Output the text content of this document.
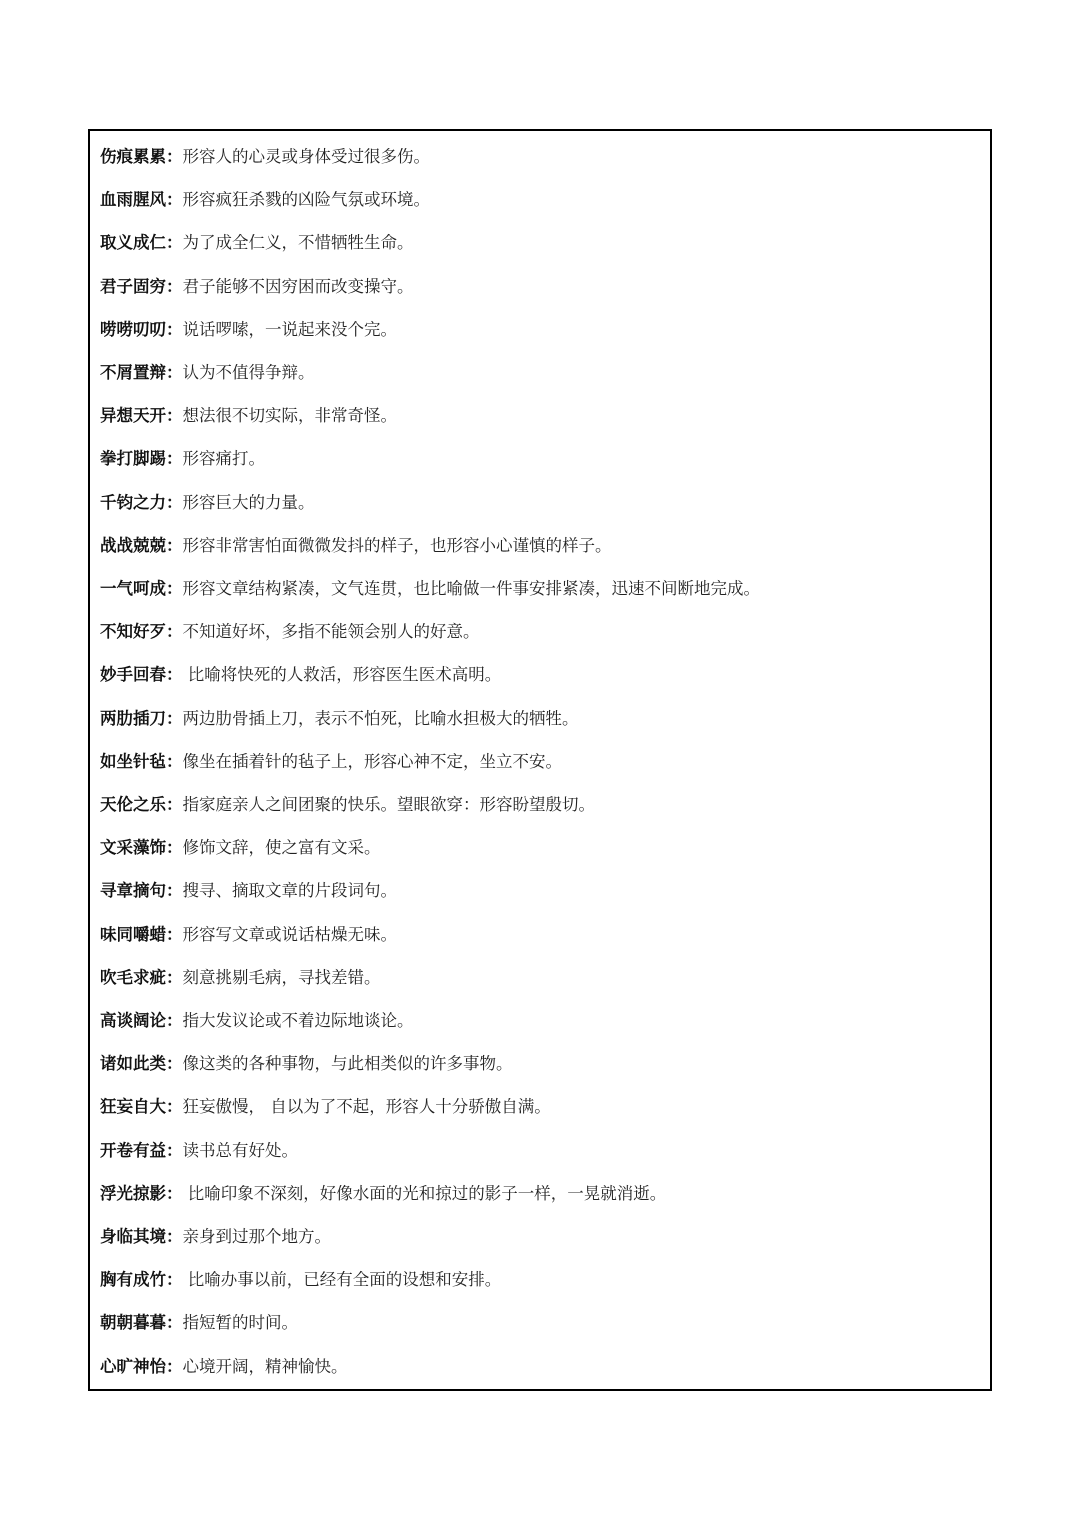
伤痕累累：形容人的心灵或身体受过很多伤。
血雨腥风：形容疯狂杀戮的凶险气氛或环境。
取义成仁：为了成全仁义，不惜牺牲生命。
君子固穷：君子能够不因穷困而改变操守。
唠唠叨叨：说话啰嗦，一说起来没个完。
不屑置辩：认为不值得争辩。
异想天开：想法很不切实际，非常奇怪。
拳打脚踢：形容痛打。
千钧之力：形容巨大的力量。
战战兢兢：形容非常害怕面微微发抖的样子，也形容小心谨慎的样子。
一气呵成：形容文章结构紧凑，文气连贯，也比喻做一件事安排紧凑，迅速不间断地完成。
不知好歹：不知道好坏，多指不能领会别人的好意。
妙手回春： 比喻将快死的人救活，形容医生医术高明。
两肋插刀：两边肋骨插上刀，表示不怕死，比喻水担极大的牺牲。
如坐针毡：像坐在插着针的毡子上，形容心神不定，坐立不安。
天伦之乐：指家庭亲人之间团聚的快乐。望眼欲穿：形容盼望殷切。
文采藻饰：修饰文辞，使之富有文采。
寻章摘句：搜寻、摘取文章的片段词句。
味同嚼蜡：形容写文章或说话枯燥无味。
吹毛求疵：刻意挑剔毛病，寻找差错。
高谈阔论：指大发议论或不着边际地谈论。
诸如此类：像这类的各种事物，与此相类似的许多事物。
狂妄自大：狂妄傲慢， 自以为了不起，形容人十分骄傲自满。
开卷有益：读书总有好处。
浮光掠影： 比喻印象不深刻，好像水面的光和掠过的影子一样，一晃就消逝。
身临其境：亲身到过那个地方。
胸有成竹： 比喻办事以前，已经有全面的设想和安排。
朝朝暮暮：指短暂的时间。
心旷神怡：心境开阔，精神愉快。
